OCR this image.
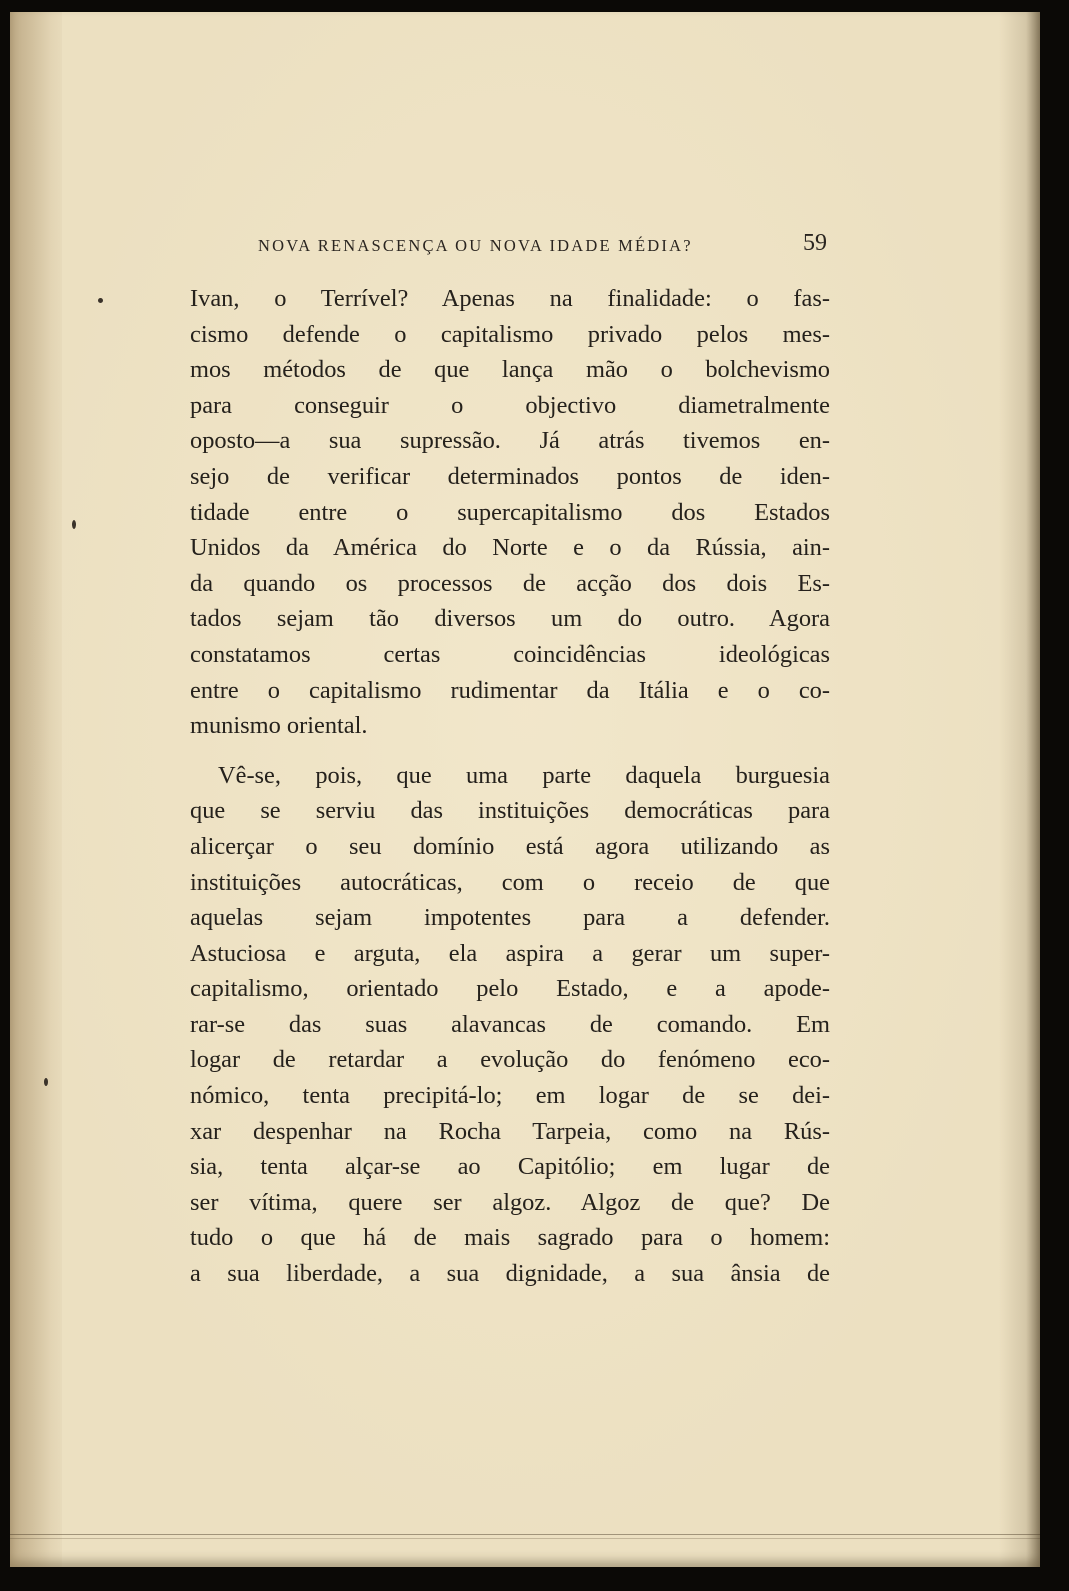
NOVA RENASCENÇA OU NOVA IDADE MÉDIA?	59

Ivan, o Terrível? Apenas na finalidade: o fas-
cismo defende o capitalismo privado pelos mes-
mos métodos de que lança mão o bolchevismo
para conseguir o objectivo diametralmente
oposto—a sua supressão. Já atrás tivemos en-
sejo de verificar determinados pontos de iden-
tidade entre o supercapitalismo dos Estados
Unidos da América do Norte e o da Rússia, ain-
da quando os processos de acção dos dois Es-
tados sejam tão diversos um do outro. Agora
constatamos certas coincidências ideológicas
entre o capitalismo rudimentar da Itália e o co-
munismo oriental.

Vê-se, pois, que uma parte daquela burguesia
que se serviu das instituições democráticas para
alicerçar o seu domínio está agora utilizando as
instituições autocráticas, com o receio de que
aquelas sejam impotentes para a defender.
Astuciosa e arguta, ela aspira a gerar um super-
capitalismo, orientado pelo Estado, e a apode-
rar-se das suas alavancas de comando. Em
logar de retardar a evolução do fenómeno eco-
nómico, tenta precipitá-lo; em logar de se dei-
xar despenhar na Rocha Tarpeia, como na Rús-
sia, tenta alçar-se ao Capitólio; em lugar de
ser vítima, quere ser algoz. Algoz de que? De
tudo o que há de mais sagrado para o homem:
a sua liberdade, a sua dignidade, a sua ânsia de
